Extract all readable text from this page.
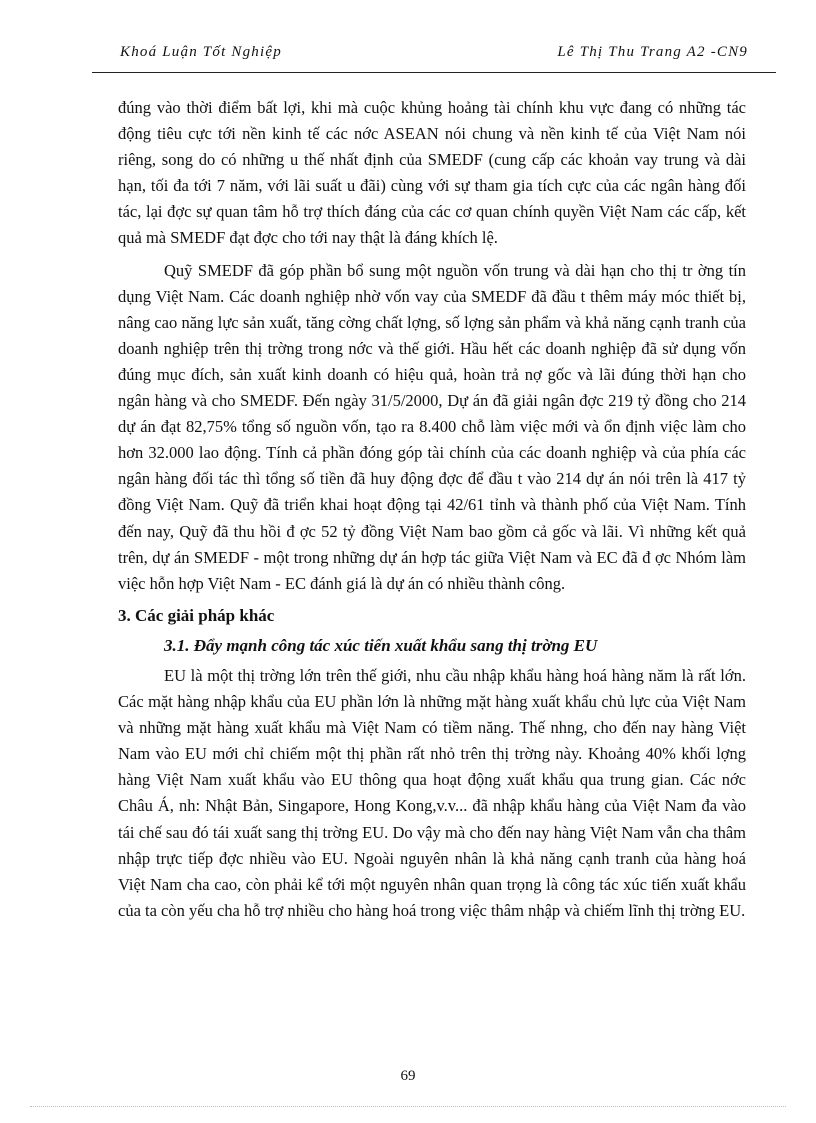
Khoá Luận Tốt Nghiệp	Lê Thị Thu Trang A2 -CN9

đúng vào thời điểm bất lợi, khi mà cuộc khủng hoảng tài chính khu vực đang có những tác động tiêu cực tới nền kinh tế các nớc ASEAN nói chung và nền kinh tế của Việt Nam nói riêng, song do có những u thế nhất định của SMEDF (cung cấp các khoản vay trung và dài hạn, tối đa tới 7 năm, với lãi suất u đãi) cùng với sự tham gia tích cực của các ngân hàng đối tác, lại đợc sự quan tâm hỗ trợ thích đáng của các cơ quan chính quyền Việt Nam các cấp, kết quả mà SMEDF đạt đợc cho tới nay thật là đáng khích lệ.

Quỹ SMEDF đã góp phần bổ sung một nguồn vốn trung và dài hạn cho thị tr ờng tín dụng Việt Nam. Các doanh nghiệp nhờ vốn vay của SMEDF đã đầu t thêm máy móc thiết bị, nâng cao năng lực sản xuất, tăng cờng chất lợng, số lợng sản phẩm và khả năng cạnh tranh của doanh nghiệp trên thị trờng trong nớc và thế giới. Hầu hết các doanh nghiệp đã sử dụng vốn đúng mục đích, sản xuất kinh doanh có hiệu quả, hoàn trả nợ gốc và lãi đúng thời hạn cho ngân hàng và cho SMEDF. Đến ngày 31/5/2000, Dự án đã giải ngân đợc 219 tỷ đồng cho 214 dự án đạt 82,75% tổng số nguồn vốn, tạo ra 8.400 chỗ làm việc mới và ổn định việc làm cho hơn 32.000 lao động. Tính cả phần đóng góp tài chính của các doanh nghiệp và của phía các ngân hàng đối tác thì tổng số tiền đã huy động đợc để đầu t vào 214 dự án nói trên là 417 tỷ đồng Việt Nam. Quỹ đã triển khai hoạt động tại 42/61 tỉnh và thành phố của Việt Nam. Tính đến nay, Quỹ đã thu hồi đ ợc 52 tỷ đồng Việt Nam bao gồm cả gốc và lãi. Vì những kết quả trên, dự án SMEDF - một trong những dự án hợp tác giữa Việt Nam và EC đã đ ợc Nhóm làm việc hỗn hợp Việt Nam - EC đánh giá là dự án có nhiều thành công.

3. Các giải pháp khác
3.1. Đẩy mạnh công tác xúc tiến xuất khẩu sang thị trờng EU

EU là một thị trờng lớn trên thế giới, nhu cầu nhập khẩu hàng hoá hàng năm là rất lớn. Các mặt hàng nhập khẩu của EU phần lớn là những mặt hàng xuất khẩu chủ lực của Việt Nam và những mặt hàng xuất khẩu mà Việt Nam có tiềm năng. Thế nhng, cho đến nay hàng Việt Nam vào EU mới chỉ chiếm một thị phần rất nhỏ trên thị trờng này. Khoảng 40% khối lợng hàng Việt Nam xuất khẩu vào EU thông qua hoạt động xuất khẩu qua trung gian. Các nớc Châu Á, nh: Nhật Bản, Singapore, Hong Kong,v.v... đã nhập khẩu hàng của Việt Nam đa vào tái chế sau đó tái xuất sang thị trờng EU. Do vậy mà cho đến nay hàng Việt Nam vẫn cha thâm nhập trực tiếp đợc nhiều vào EU. Ngoài nguyên nhân là khả năng cạnh tranh của hàng hoá Việt Nam cha cao, còn phải kể tới một nguyên nhân quan trọng là công tác xúc tiến xuất khẩu của ta còn yếu cha hỗ trợ nhiều cho hàng hoá trong việc thâm nhập và chiếm lĩnh thị trờng EU.

69
